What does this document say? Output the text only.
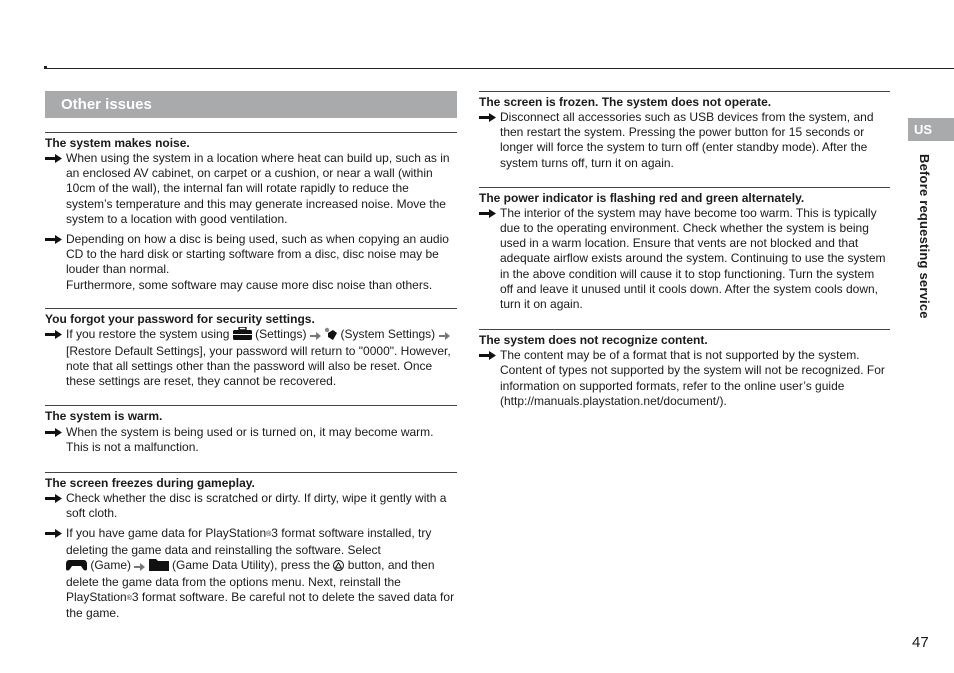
Other issues
The system makes noise.
When using the system in a location where heat can build up, such as in an enclosed AV cabinet, on carpet or a cushion, or near a wall (within 10cm of the wall), the internal fan will rotate rapidly to reduce the system’s temperature and this may generate increased noise. Move the system to a location with good ventilation.
Depending on how a disc is being used, such as when copying an audio CD to the hard disk or starting software from a disc, disc noise may be louder than normal.
Furthermore, some software may cause more disc noise than others.
You forgot your password for security settings.
If you restore the system using (Settings)	(System Settings)  [Restore Default Settings], your password will return to "0000". However, note that all settings other than the password will also be reset. Once these settings are reset, they cannot be recovered.
The system is warm.
When the system is being used or is turned on, it may become warm. This is not a malfunction.
The screen freezes during gameplay.
Check whether the disc is scratched or dirty. If dirty, wipe it gently with a soft cloth.
If you have game data for PlayStation®3 format software installed, try deleting the game data and reinstalling the software. Select
(Game)	(Game Data Utility), press the button, and then delete the game data from the options menu. Next, reinstall the PlayStation®3 format software. Be careful not to delete the saved data for the game.
The screen is frozen. The system does not operate.
Disconnect all accessories such as USB devices from the system, and then restart the system. Pressing the power button for 15 seconds or longer will force the system to turn off (enter standby mode). After the system turns off, turn it on again.
The power indicator is flashing red and green alternately.
The interior of the system may have become too warm. This is typically due to the operating environment. Check whether the system is being used in a warm location. Ensure that vents are not blocked and that adequate airflow exists around the system. Continuing to use the system in the above condition will cause it to stop functioning. Turn the system off and leave it unused until it cools down. After the system cools down, turn it on again.
The system does not recognize content.
The content may be of a format that is not supported by the system. Content of types not supported by the system will not be recognized. For information on supported formats, refer to the online user’s guide (http://manuals.playstation.net/document/).
US
Before requesting service
47
